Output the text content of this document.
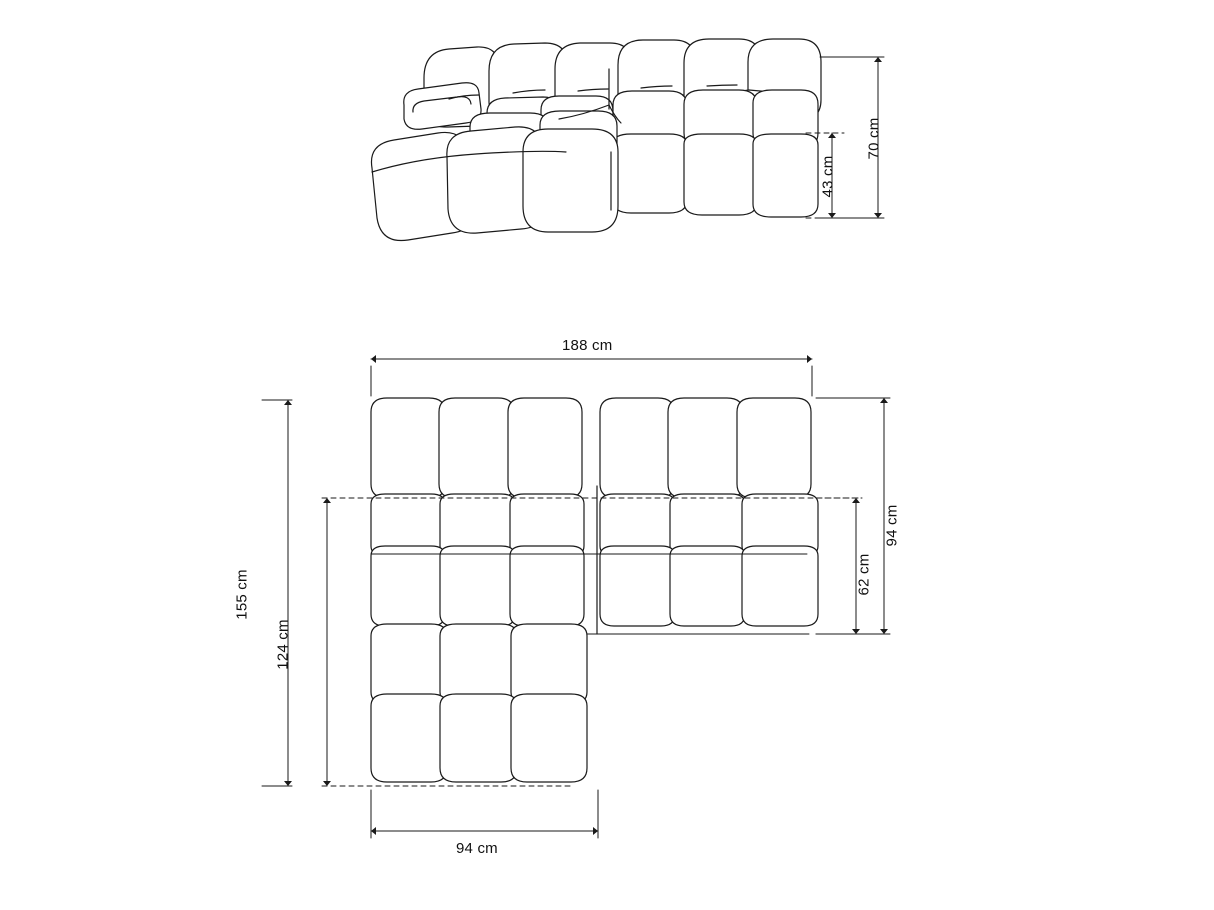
70 cm
43 cm
188 cm
155 cm
124 cm
94 cm
62 cm
94 cm
